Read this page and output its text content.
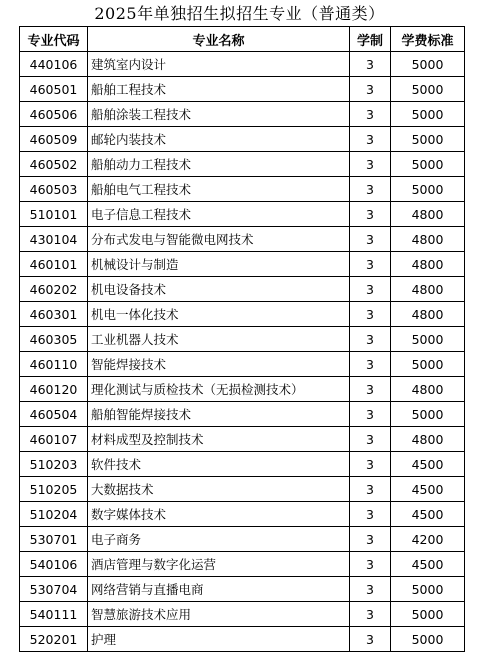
2025年单独招生拟招生专业（普通类）
专业代码	专业名称	学制	学费标准
440106	建筑室内设计	3	5000
460501	船舶工程技术	3	5000
460506	船舶涂装工程技术	3	5000
460509	邮轮内装技术	3	5000
460502	船舶动力工程技术	3	5000
460503	船舶电气工程技术	3	5000
510101	电子信息工程技术	3	4800
430104	分布式发电与智能微电网技术	3	4800
460101	机械设计与制造	3	4800
460202	机电设备技术	3	4800
460301	机电一体化技术	3	4800
460305	工业机器人技术	3	5000
460110	智能焊接技术	3	5000
460120	理化测试与质检技术（无损检测技术）	3	4800
460504	船舶智能焊接技术	3	5000
460107	材料成型及控制技术	3	4800
510203	软件技术	3	4500
510205	大数据技术	3	4500
510204	数字媒体技术	3	4500
530701	电子商务	3	4200
540106	酒店管理与数字化运营	3	4500
530704	网络营销与直播电商	3	5000
540111	智慧旅游技术应用	3	5000
520201	护理	3	5000
